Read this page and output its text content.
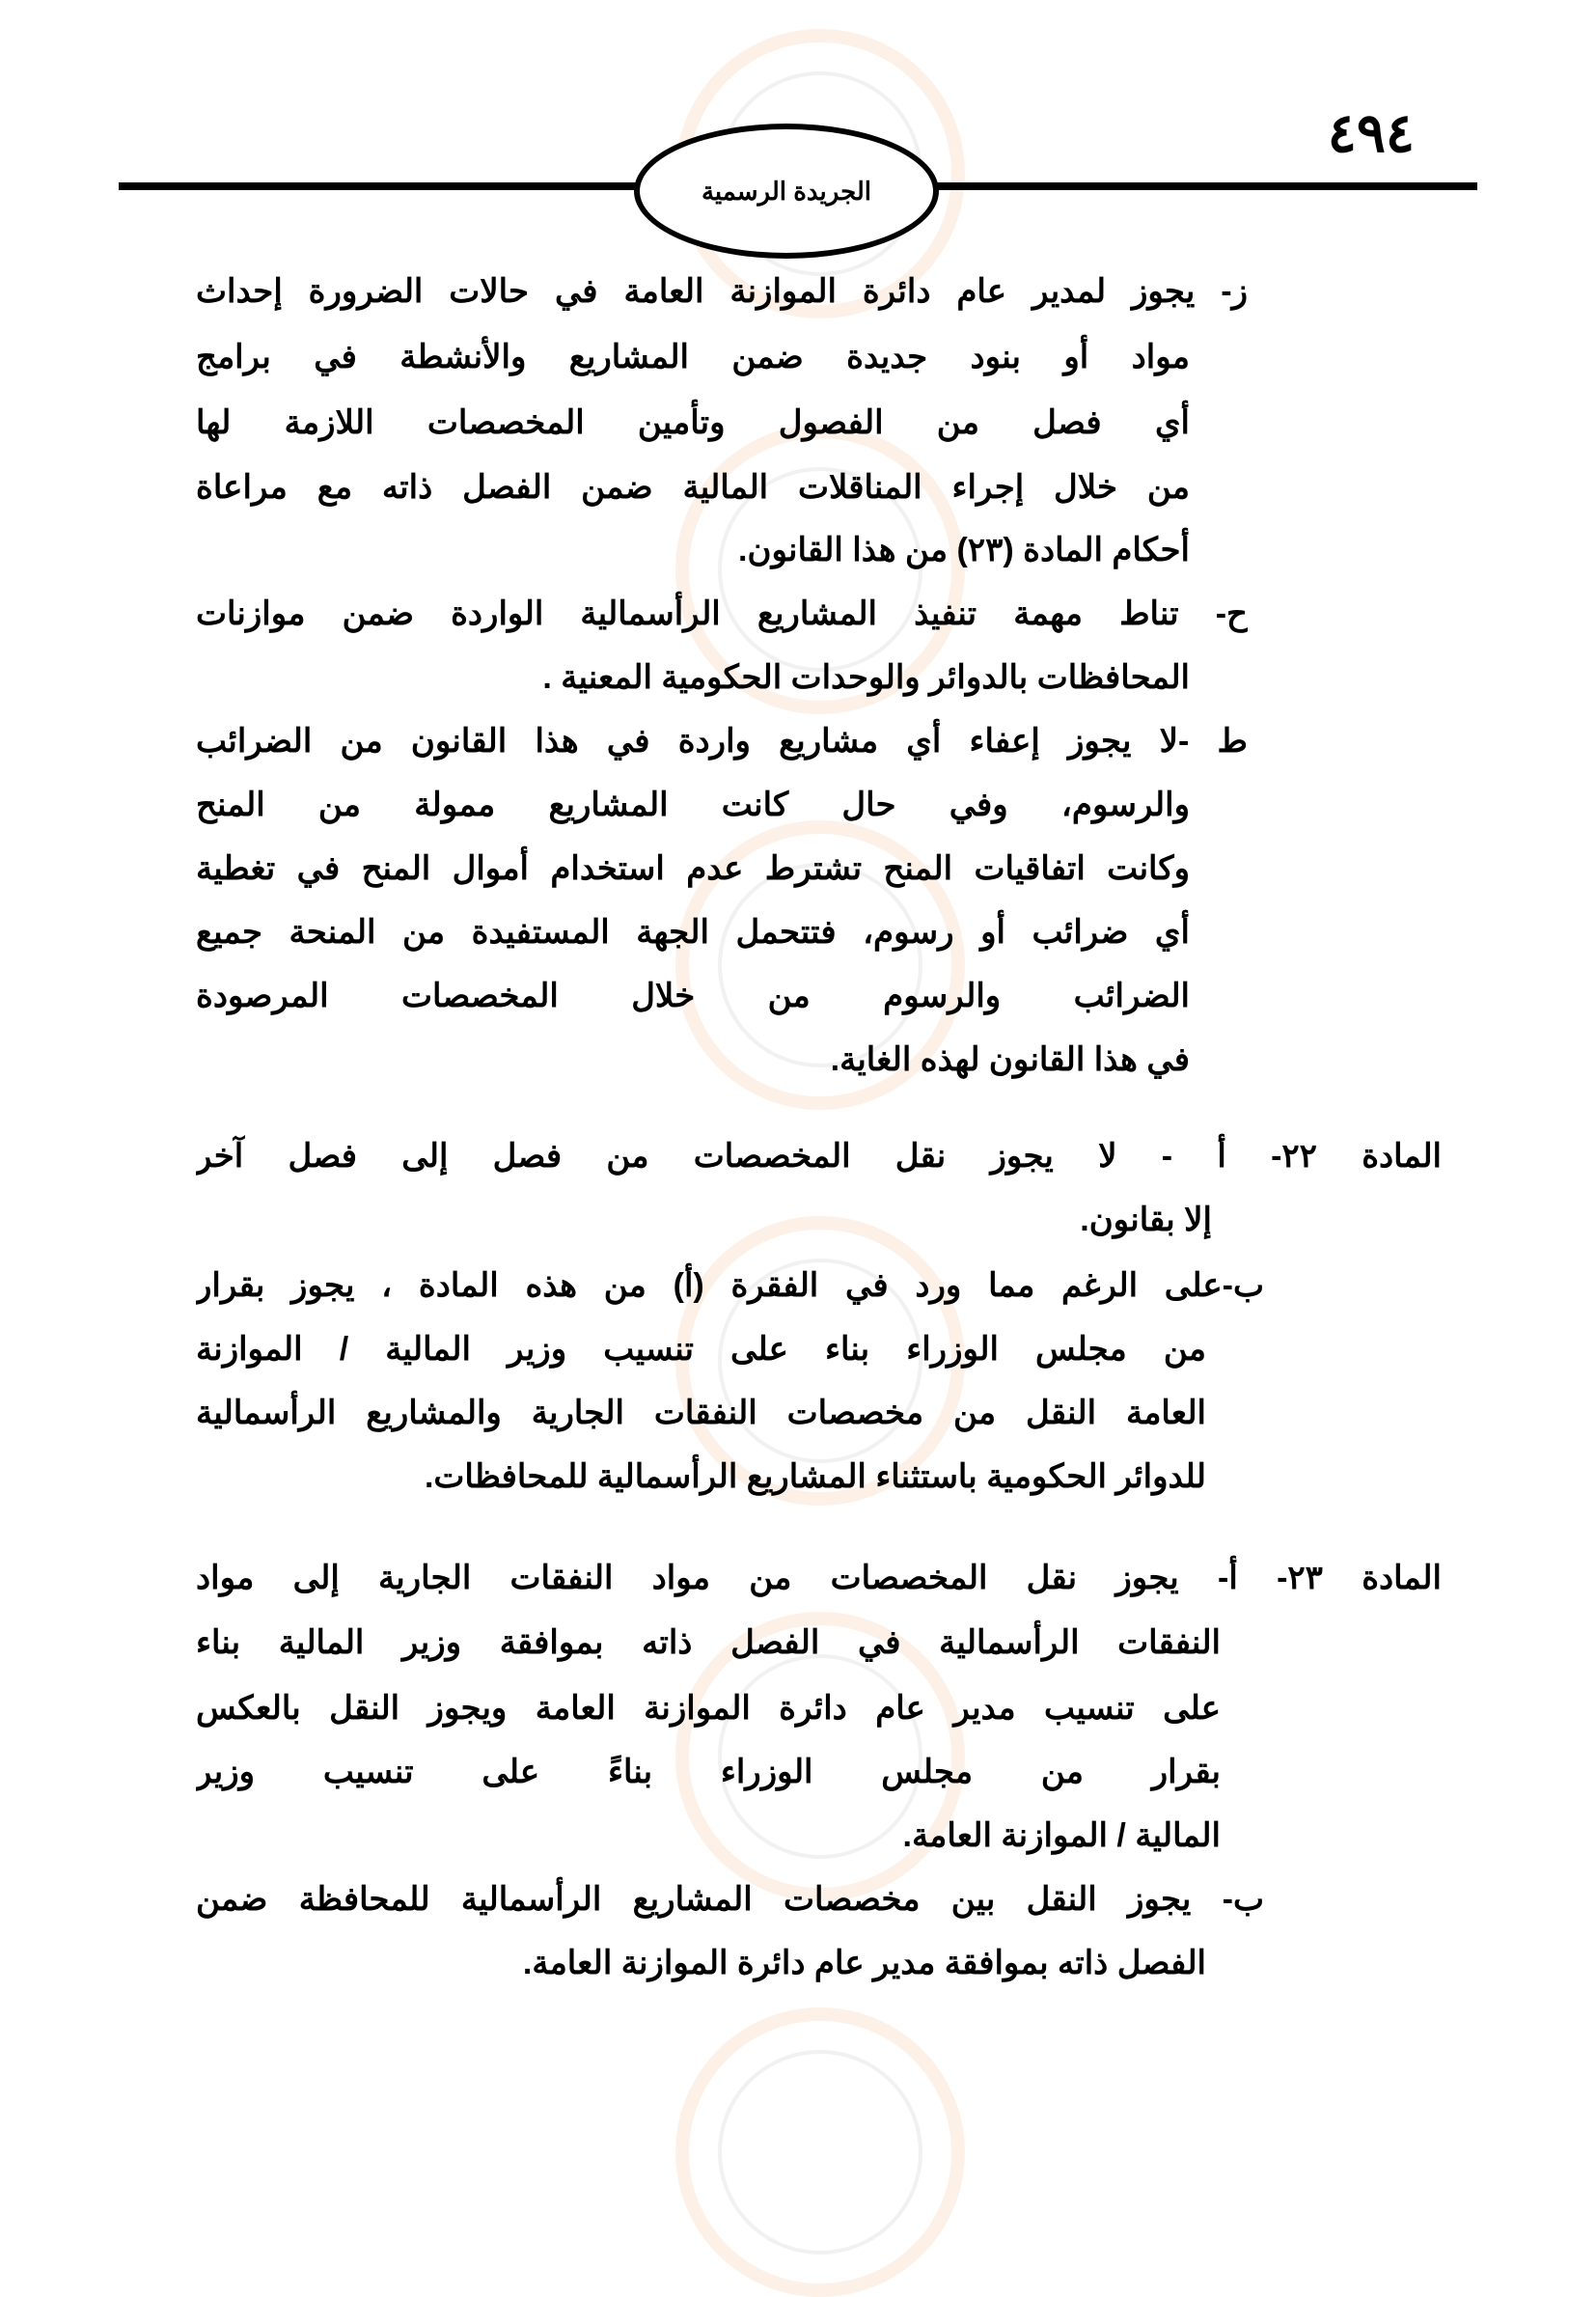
٤٩٤
الجريدة الرسمية
ز- يجوز لمدير عام دائرة الموازنة العامة في حالات الضرورة إحداث
مواد أو بنود جديدة ضمن المشاريع والأنشطة في برامج
أي فصل من الفصول وتأمين المخصصات اللازمة لها
من خلال إجراء المناقلات المالية ضمن الفصل ذاته مع مراعاة
أحكام المادة (٢٣) من هذا القانون.
ح- تناط مهمة تنفيذ المشاريع الرأسمالية الواردة ضمن موازنات
المحافظات بالدوائر والوحدات الحكومية المعنية .
ط -لا يجوز إعفاء أي مشاريع واردة في هذا القانون من الضرائب
والرسوم، وفي حال كانت المشاريع ممولة من المنح
وكانت اتفاقيات المنح تشترط عدم استخدام أموال المنح في تغطية
أي ضرائب أو رسوم، فتتحمل الجهة المستفيدة من المنحة جميع
الضرائب والرسوم من خلال المخصصات المرصودة
في هذا القانون لهذه الغاية.
المادة ٢٢- أ - لا يجوز نقل المخصصات من فصل إلى فصل آخر
إلا بقانون.
ب-على الرغم مما ورد في الفقرة (أ) من هذه المادة ، يجوز بقرار
من مجلس الوزراء بناء على تنسيب وزير المالية / الموازنة
العامة النقل من مخصصات النفقات الجارية والمشاريع الرأسمالية
للدوائر الحكومية باستثناء المشاريع الرأسمالية للمحافظات.
المادة ٢٣- أ- يجوز نقل المخصصات من مواد النفقات الجارية إلى مواد
النفقات الرأسمالية في الفصل ذاته بموافقة وزير المالية بناء
على تنسيب مدير عام دائرة الموازنة العامة ويجوز النقل بالعكس
بقرار من مجلس الوزراء بناءً على تنسيب وزير
المالية / الموازنة العامة.
ب- يجوز النقل بين مخصصات المشاريع الرأسمالية للمحافظة ضمن
الفصل ذاته بموافقة مدير عام دائرة الموازنة العامة.
